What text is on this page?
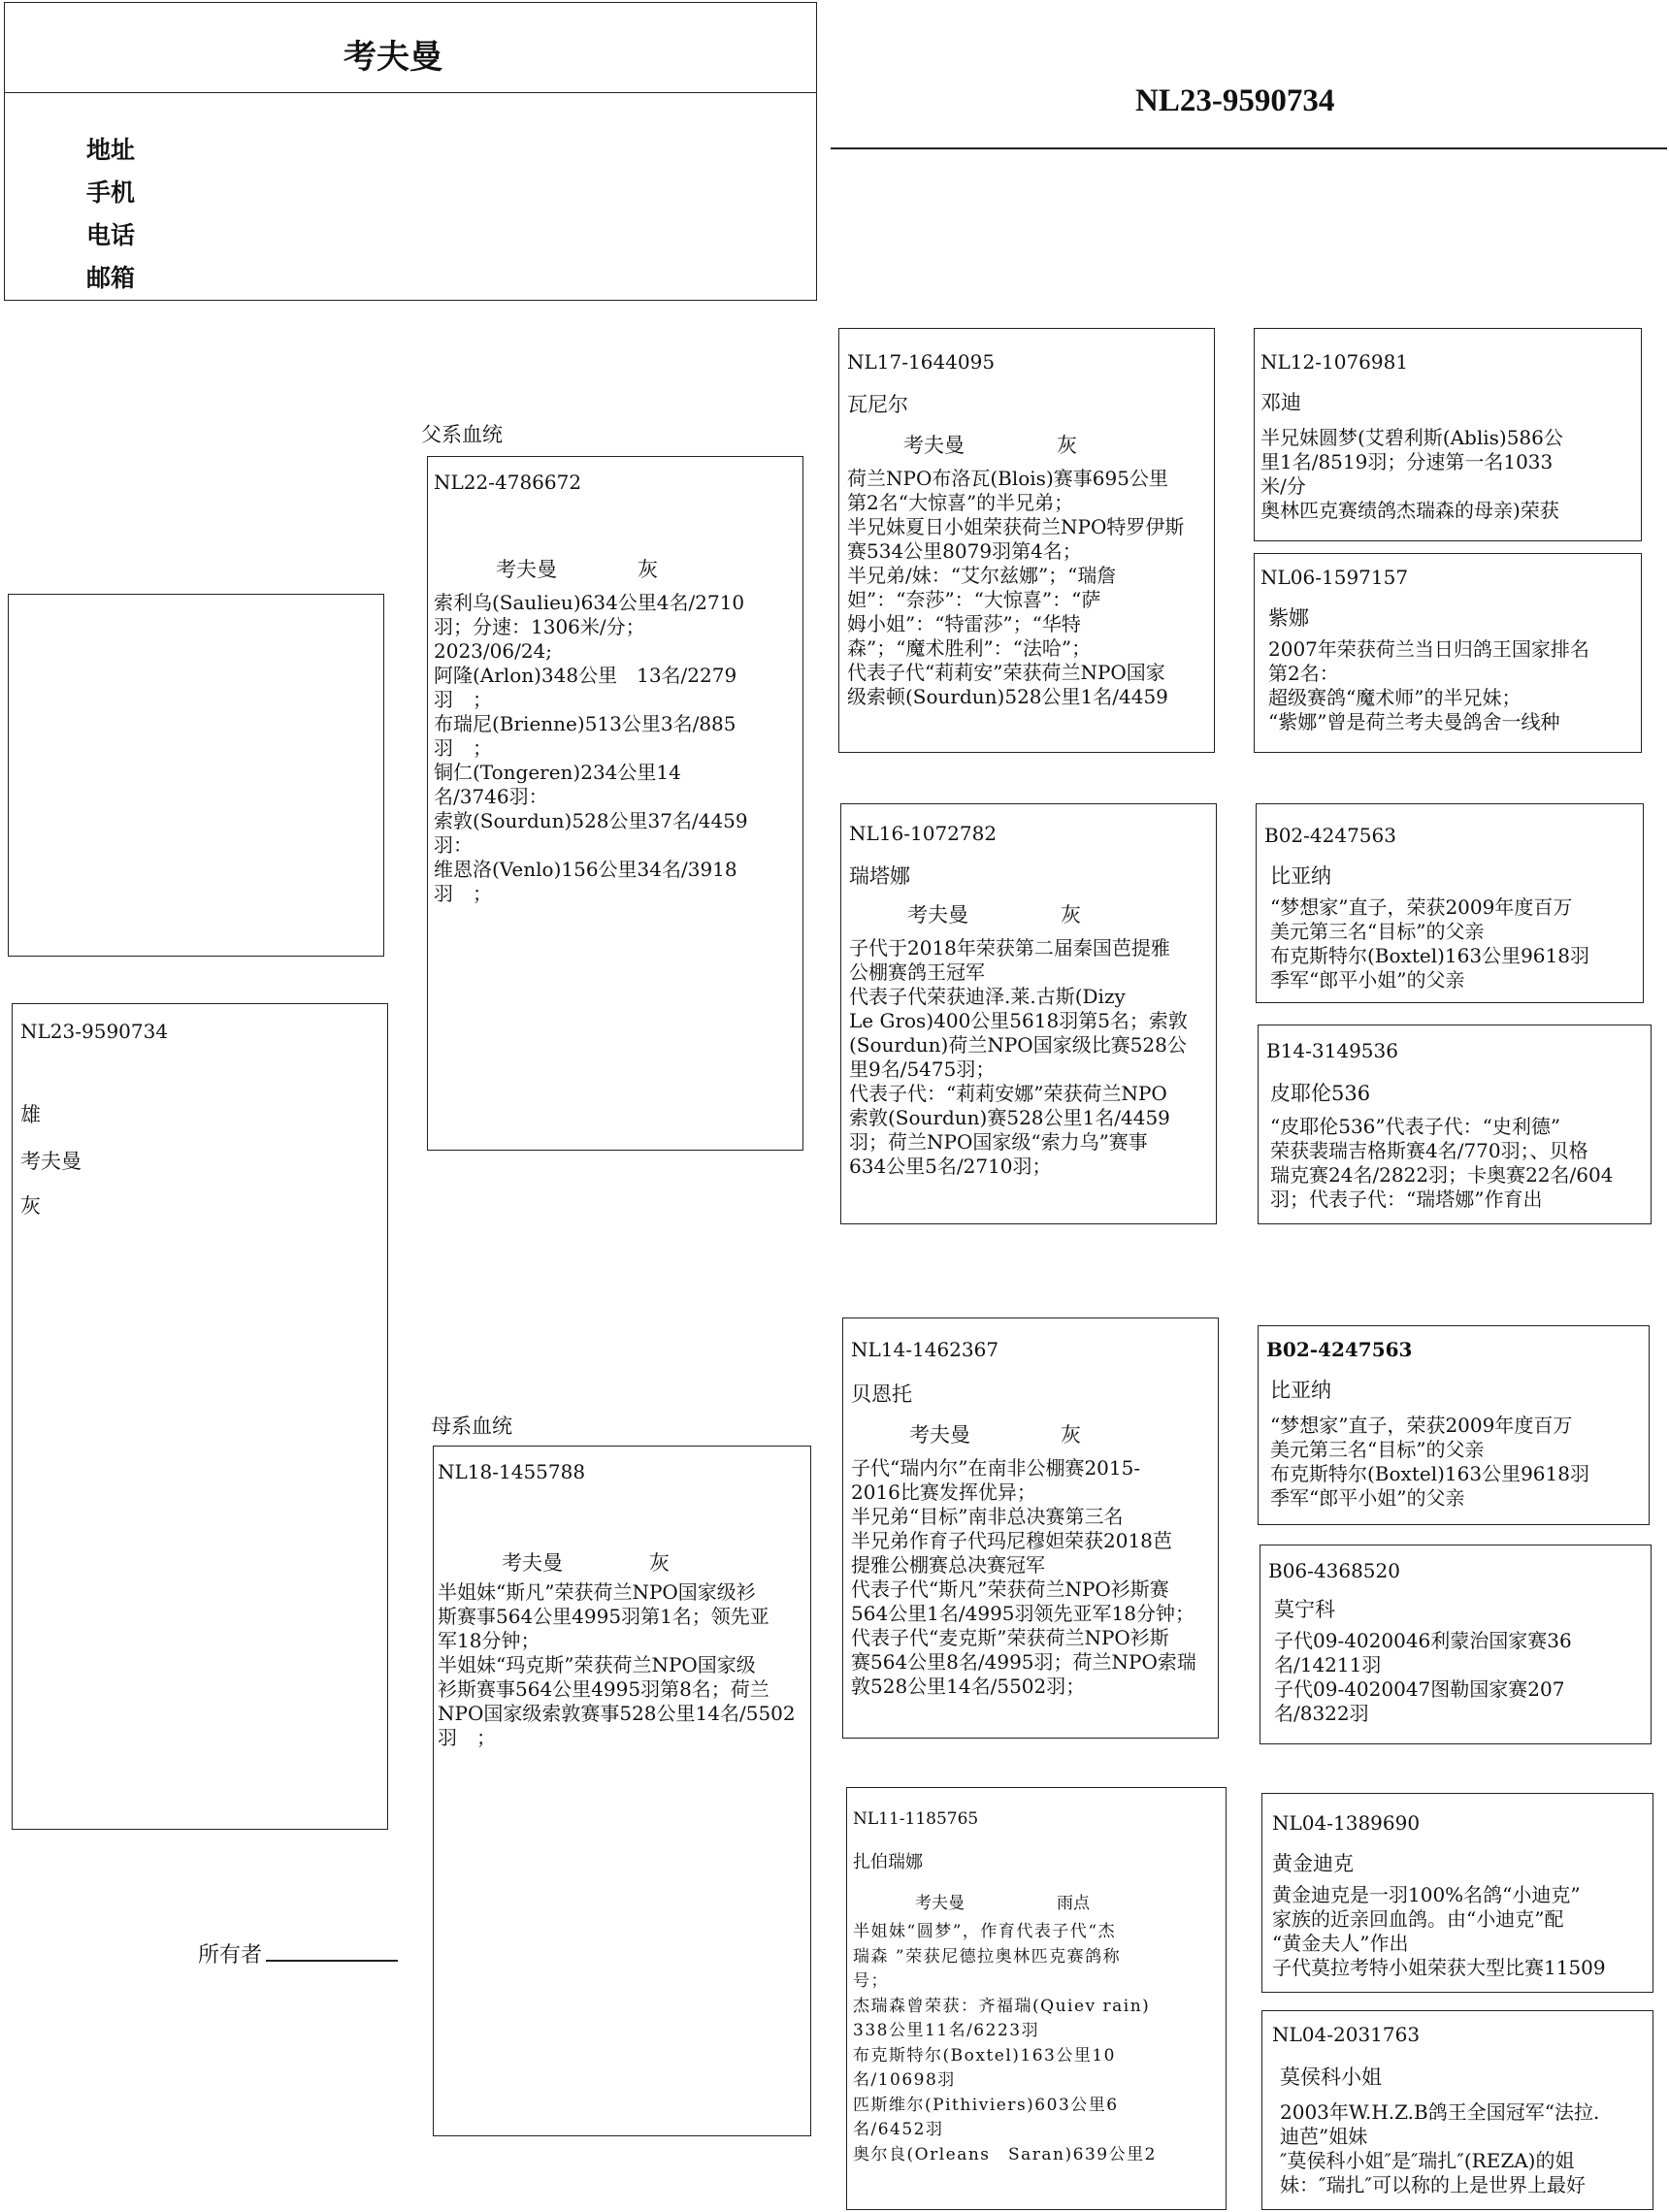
考夫曼
地址
手机
电话
邮箱
NL23-9590734
NL23-9590734
雄
考夫曼
灰
所有者
父系血统
NL22-4786672
考夫曼	灰
索利乌(Saulieu)634公里4名/2710
羽；分速：1306米/分；
2023/06/24;
阿隆(Arlon)348公里　13名/2279
羽　；
布瑞尼(Brienne)513公里3名/885
羽　；
铜仁(Tongeren)234公里14
名/3746羽：
索敦(Sourdun)528公里37名/4459
羽：
维恩洛(Venlo)156公里34名/3918
羽　；
母系血统
NL18-1455788
考夫曼	灰
半姐妹“斯凡”荣获荷兰NPO国家级衫
斯赛事564公里4995羽第1名；领先亚
军18分钟；
半姐妹“玛克斯”荣获荷兰NPO国家级
衫斯赛事564公里4995羽第8名；荷兰
NPO国家级索敦赛事528公里14名/5502
羽　；
NL17-1644095
瓦尼尔
考夫曼	灰
荷兰NPO布洛瓦(Blois)赛事695公里
第2名“大惊喜”的半兄弟；
半兄妹夏日小姐荣获荷兰NPO特罗伊斯
赛534公里8079羽第4名；
半兄弟/妹：“艾尔兹娜”；“瑞詹
妲”：“奈莎”：“大惊喜”：“萨
姆小姐”：“特雷莎”；“华特
森”；“魔术胜利”：“法哈”；
代表子代“莉莉安”荣获荷兰NPO国家
级索顿(Sourdun)528公里1名/4459
NL16-1072782
瑞塔娜
考夫曼	灰
子代于2018年荣获第二届秦国芭提雅
公棚赛鸽王冠军
代表子代荣获迪泽.莱.古斯(Dizy
Le Gros)400公里5618羽第5名；索敦
(Sourdun)荷兰NPO国家级比赛528公
里9名/5475羽；
代表子代：“莉莉安娜”荣获荷兰NPO
索敦(Sourdun)赛528公里1名/4459
羽；荷兰NPO国家级“索力乌”赛事
634公里5名/2710羽；
NL14-1462367
贝恩托
考夫曼	灰
子代“瑞内尔”在南非公棚赛2015-
2016比赛发挥优异；
半兄弟“目标”南非总决赛第三名
半兄弟作育子代玛尼穆妲荣获2018芭
提雅公棚赛总决赛冠军
代表子代“斯凡”荣获荷兰NPO衫斯赛
564公里1名/4995羽领先亚军18分钟；
代表子代“麦克斯”荣获荷兰NPO衫斯
赛564公里8名/4995羽；荷兰NPO索瑞
敦528公里14名/5502羽；
NL11-1185765
扎伯瑞娜
考夫曼	雨点
半姐妹“圆梦”，作育代表子代“杰
瑞森 ”荣获尼德拉奥林匹克赛鸽称
号；
杰瑞森曾荣获：齐福瑞(Quiev rain)
338公里11名/6223羽
布克斯特尔(Boxtel)163公里10
名/10698羽
匹斯维尔(Pithiviers)603公里6
名/6452羽
奥尔良(Orleans　Saran)639公里2
NL12-1076981
邓迪
半兄妹圆梦(艾碧利斯(Ablis)586公
里1名/8519羽；分速第一名1033
米/分
奥林匹克赛绩鸽杰瑞森的母亲)荣获
NL06-1597157
紫娜
2007年荣获荷兰当日归鸽王国家排名
第2名：
超级赛鸽“魔术师”的半兄妹；
“紫娜”曾是荷兰考夫曼鸽舍一线种
B02-4247563
比亚纳
“梦想家”直子，荣获2009年度百万
美元第三名“目标”的父亲
布克斯特尔(Boxtel)163公里9618羽
季军“郎平小姐”的父亲
B14-3149536
皮耶伦536
“皮耶伦536”代表子代：“史利德”
荣获裴瑞吉格斯赛4名/770羽；、贝格
瑞克赛24名/2822羽；卡奥赛22名/604
羽；代表子代：“瑞塔娜”作育出
B02-4247563
比亚纳
“梦想家”直子，荣获2009年度百万
美元第三名“目标”的父亲
布克斯特尔(Boxtel)163公里9618羽
季军“郎平小姐”的父亲
B06-4368520
莫宁科
子代09-4020046利蒙治国家赛36
名/14211羽
子代09-4020047图勒国家赛207
名/8322羽
NL04-1389690
黄金迪克
黄金迪克是一羽100%名鸽“小迪克”
家族的近亲回血鸽。由“小迪克”配
“黄金夫人”作出
子代莫拉考特小姐荣获大型比赛11509
NL04-2031763
莫侯科小姐
2003年W.H.Z.B鸽王全国冠军“法拉.
迪芭”姐妹
″莫侯科小姐″是″瑞扎″(REZA)的姐
妹：″瑞扎″可以称的上是世界上最好
